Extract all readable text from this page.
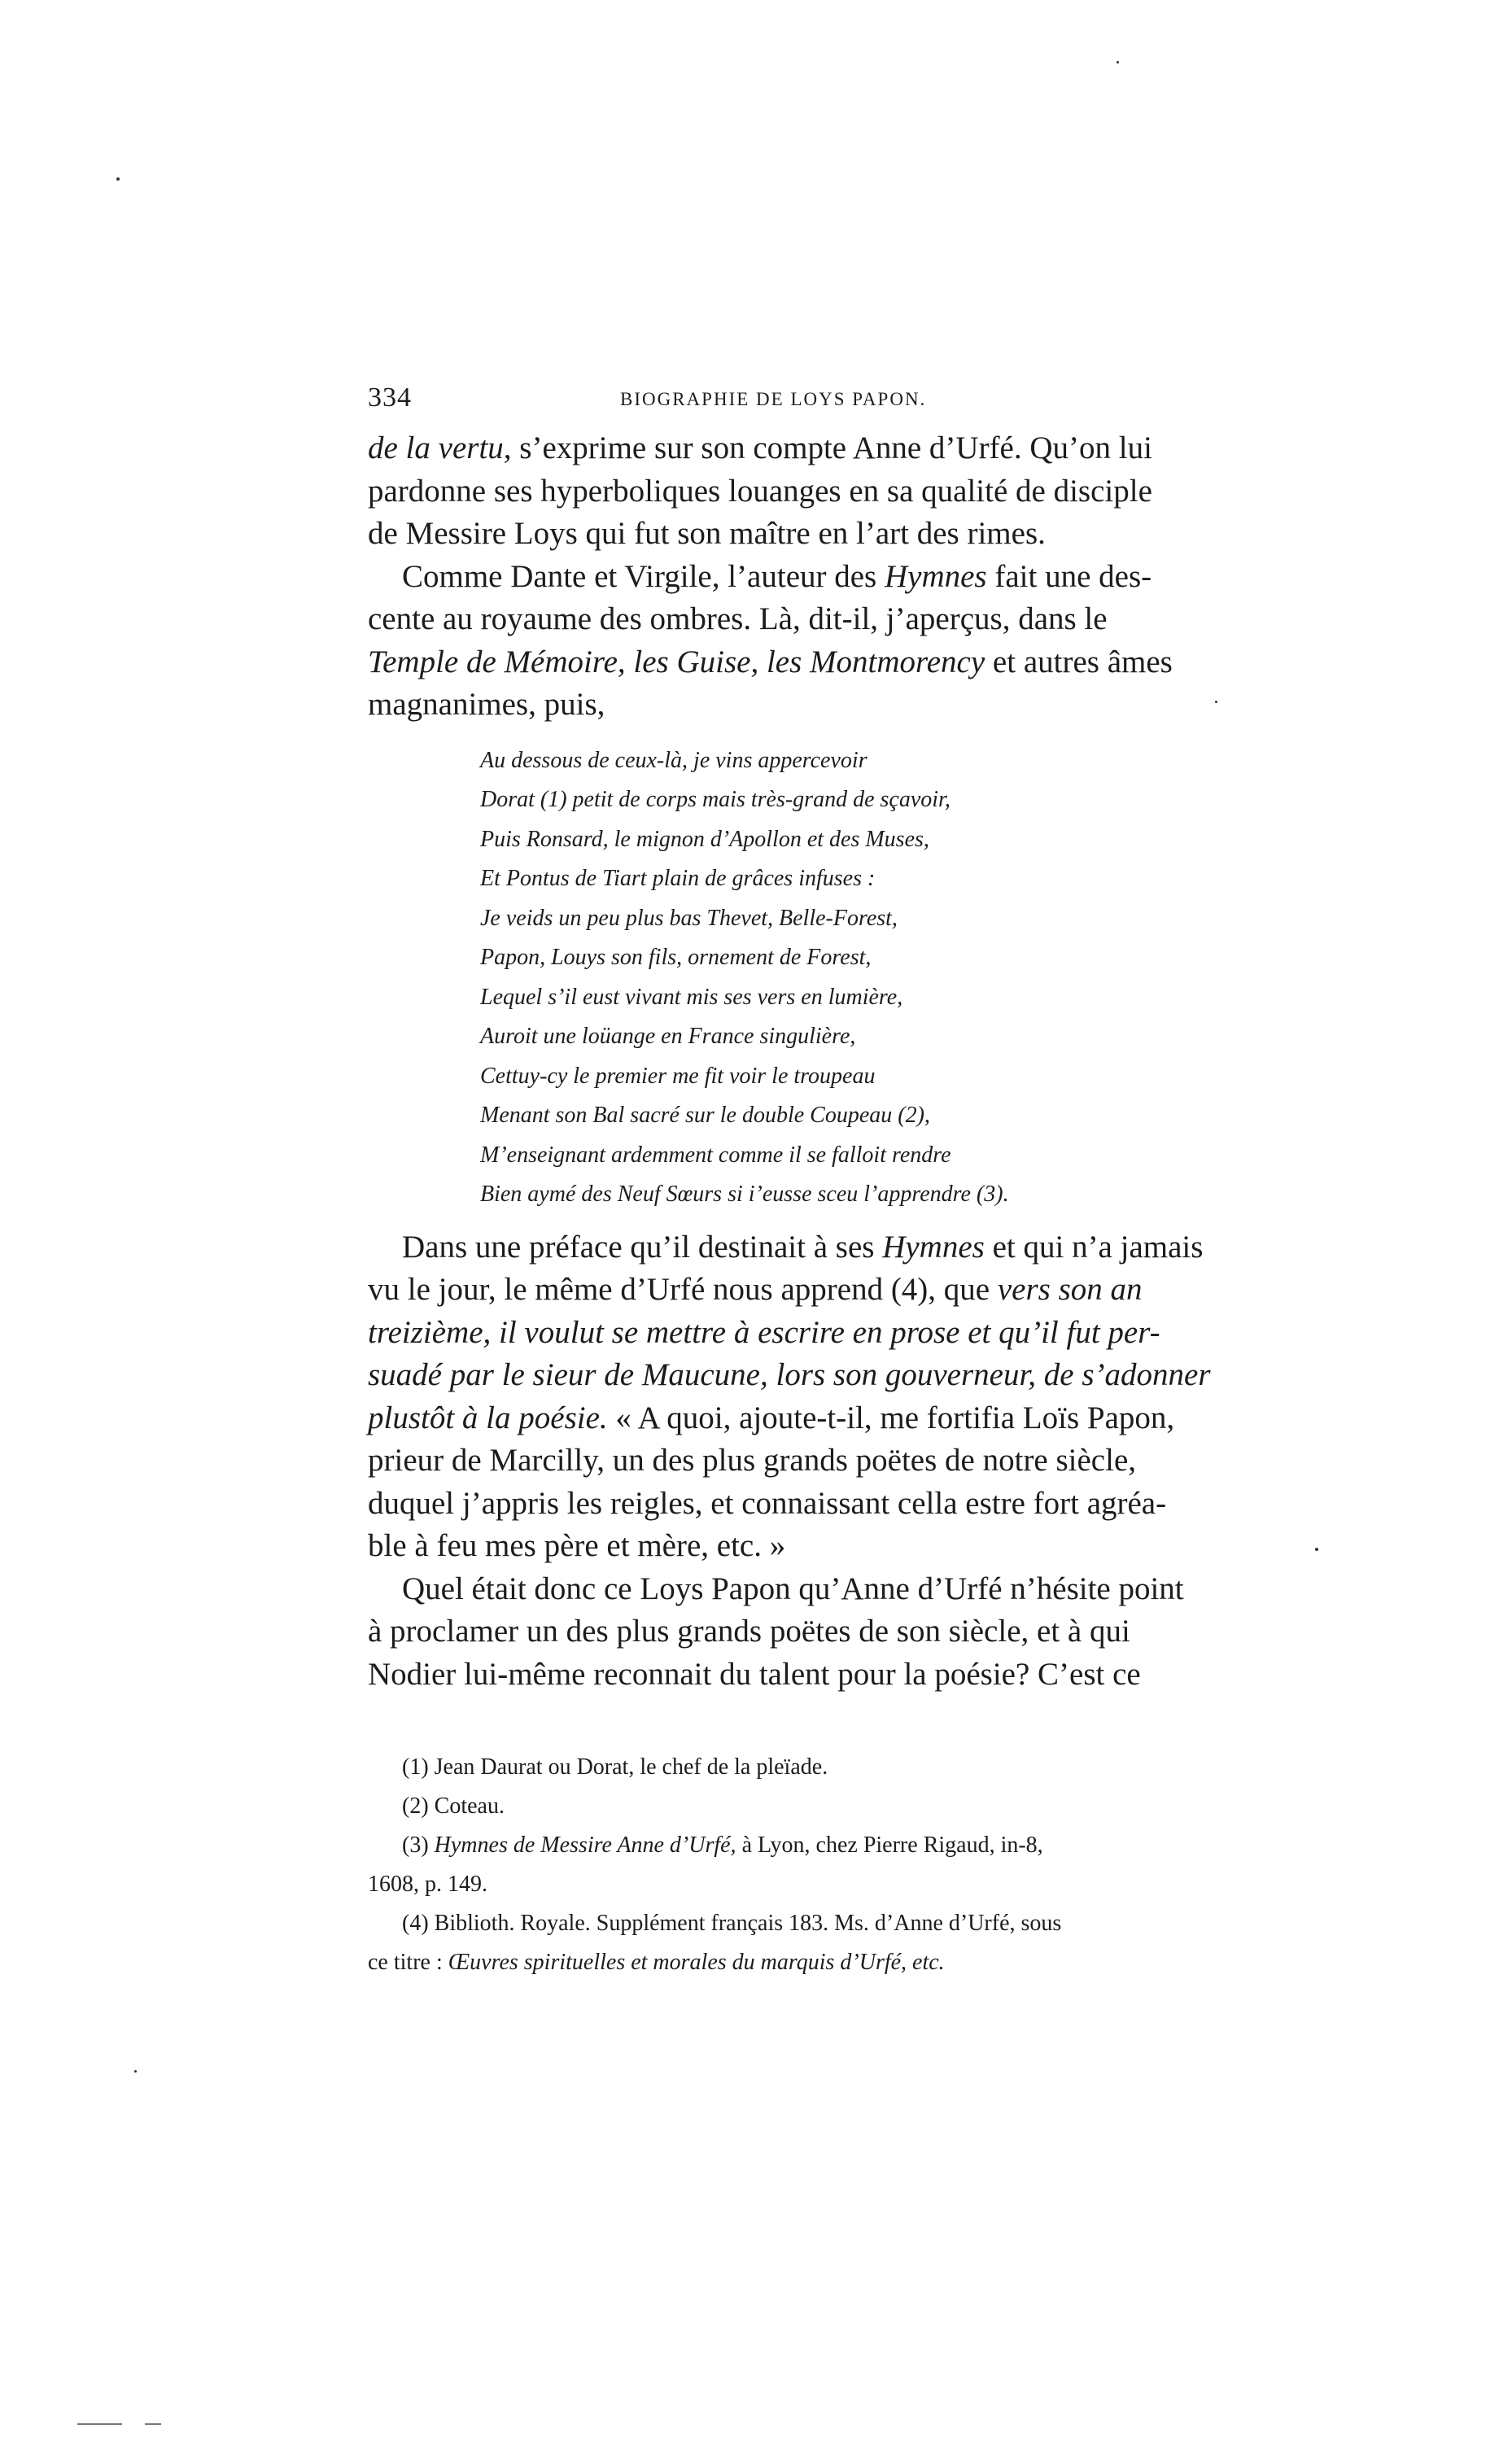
334	BIOGRAPHIE DE LOYS PAPON.

de la vertu, s’exprime sur son compte Anne d’Urfé. Qu’on lui
pardonne ses hyperboliques louanges en sa qualité de disciple
de Messire Loys qui fut son maître en l’art des rimes.

Comme Dante et Virgile, l’auteur des Hymnes fait une des-

cente au royaume des ombres. Là, dit-il, j’aperçus, dans le
Temple de Mémoire, les Guise, les Montmorency et autres âmes
magnanimes, puis,

Au dessous de ceux-là, je vins appercevoir
Dorat (1) petit de corps mais très-grand de sçavoir,
Puis Ronsard, le mignon d’Apollon et des Muses,
Et Pontus de Tiart plain de grâces infuses :
Je veids un peu plus bas Thevet, Belle-Forest,
Papon, Louys son fils, ornement de Forest,
Lequel s’il eust vivant mis ses vers en lumière,
Auroit une loüange en France singulière,
Cettuy-cy le premier me fit voir le troupeau
Menant son Bal sacré sur le double Coupeau (2),
M’enseignant ardemment comme il se falloit rendre
Bien aymé des Neuf Sœurs si i’eusse sceu l’apprendre (3).

Dans une préface qu’il destinait à ses Hymnes et qui n’a jamais

vu le jour, le même d’Urfé nous apprend (4), que vers son an
treizième, il voulut se mettre à escrire en prose et qu’il fut per-
suadé par le sieur de Maucune, lors son gouverneur, de s’adonner
plustôt à la poésie. « A quoi, ajoute-t-il, me fortifia Loïs Papon,
prieur de Marcilly, un des plus grands poëtes de notre siècle,
duquel j’appris les reigles, et connaissant cella estre fort agréa-
ble à feu mes père et mère, etc. »

Quel était donc ce Loys Papon qu’Anne d’Urfé n’hésite point

à proclamer un des plus grands poëtes de son siècle, et à qui
Nodier lui-même reconnait du talent pour la poésie? C’est ce

(1) Jean Daurat ou Dorat, le chef de la pleïade.

(2) Coteau.

(3) Hymnes de Messire Anne d’Urfé, à Lyon, chez Pierre Rigaud, in-8,

1608, p. 149.

(4) Biblioth. Royale. Supplément français 183. Ms. d’Anne d’Urfé, sous

ce titre : Œuvres spirituelles et morales du marquis d’Urfé, etc.
